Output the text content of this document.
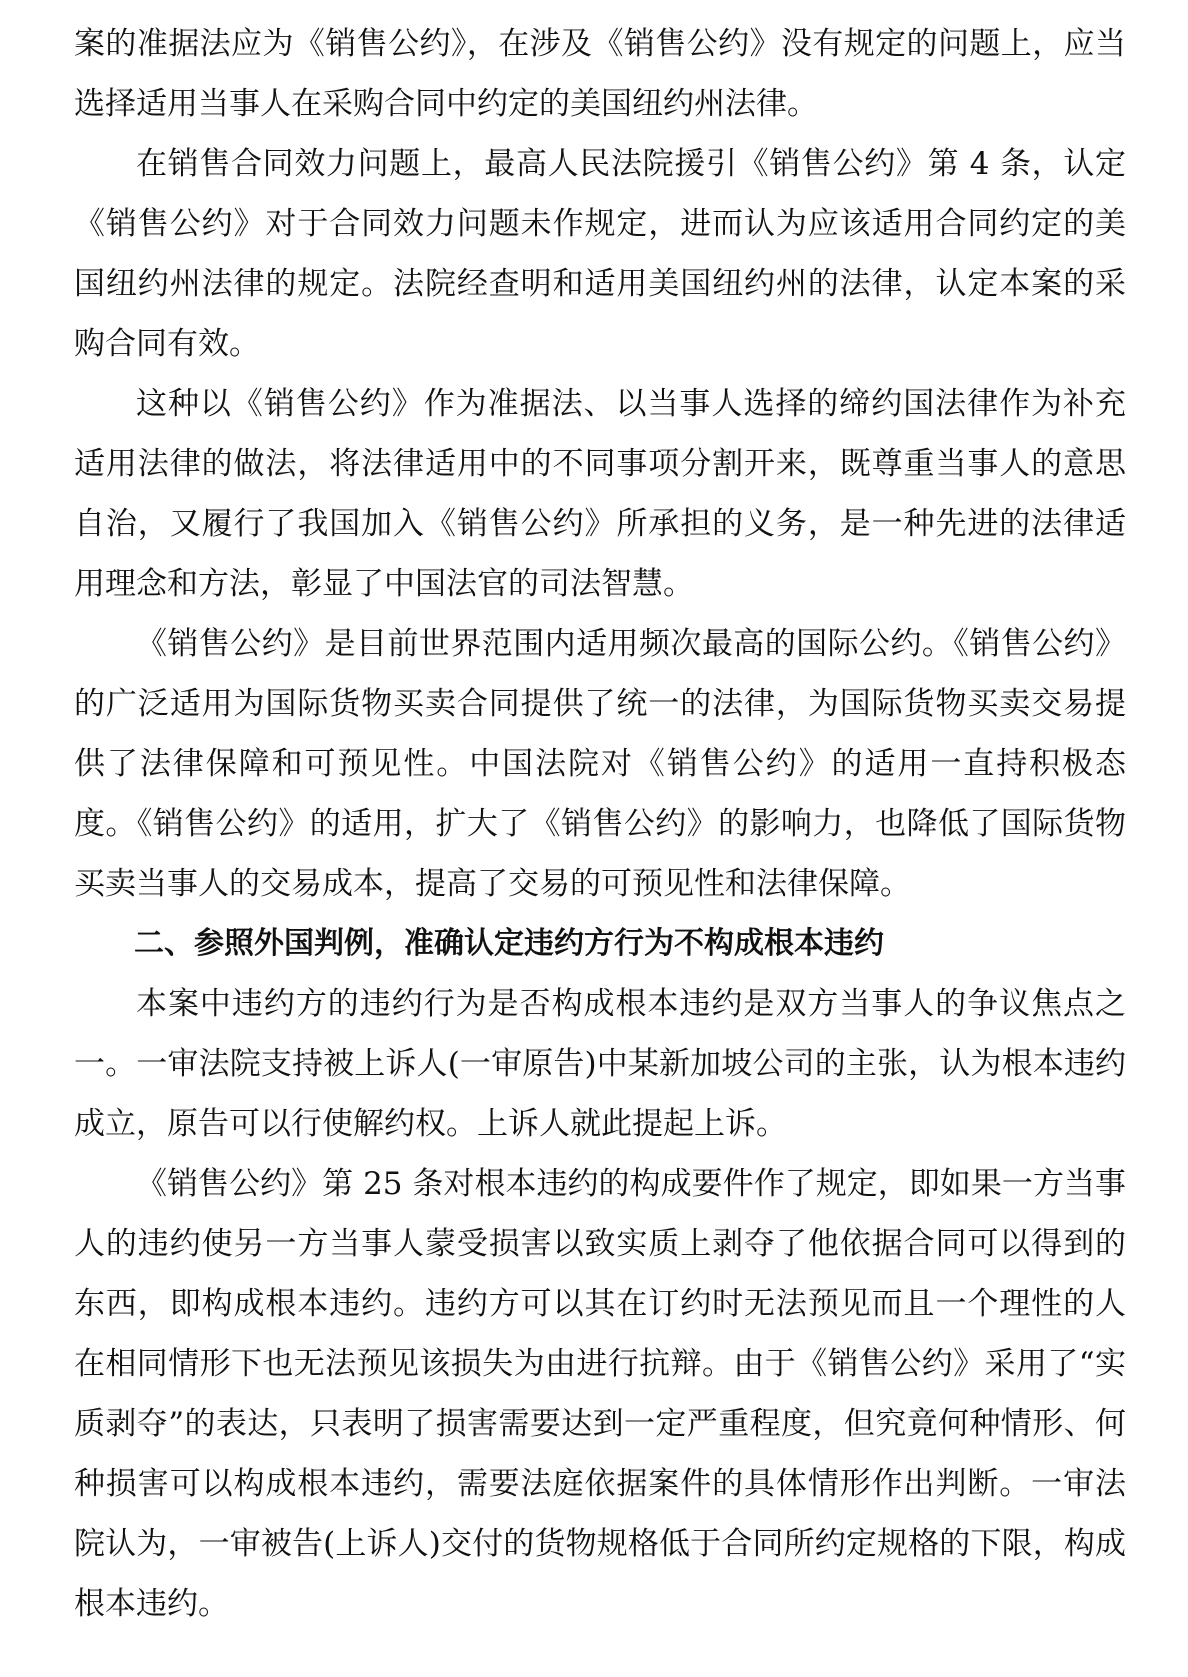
案的准据法应为《销售公约》，在涉及《销售公约》没有规定的问题上，应当选择适用当事人在采购合同中约定的美国纽约州法律。

在销售合同效力问题上，最高人民法院援引《销售公约》第 4 条，认定《销售公约》对于合同效力问题未作规定，进而认为应该适用合同约定的美国纽约州法律的规定。法院经查明和适用美国纽约州的法律，认定本案的采购合同有效。

这种以《销售公约》作为准据法、以当事人选择的缔约国法律作为补充适用法律的做法，将法律适用中的不同事项分割开来，既尊重当事人的意思自治，又履行了我国加入《销售公约》所承担的义务，是一种先进的法律适用理念和方法，彰显了中国法官的司法智慧。

《销售公约》是目前世界范围内适用频次最高的国际公约。《销售公约》的广泛适用为国际货物买卖合同提供了统一的法律，为国际货物买卖交易提供了法律保障和可预见性。中国法院对《销售公约》的适用一直持积极态度。《销售公约》的适用，扩大了《销售公约》的影响力，也降低了国际货物买卖当事人的交易成本，提高了交易的可预见性和法律保障。

二、参照外国判例，准确认定违约方行为不构成根本违约

本案中违约方的违约行为是否构成根本违约是双方当事人的争议焦点之一。一审法院支持被上诉人(一审原告)中某新加坡公司的主张，认为根本违约成立，原告可以行使解约权。上诉人就此提起上诉。

《销售公约》第 25 条对根本违约的构成要件作了规定，即如果一方当事人的违约使另一方当事人蒙受损害以致实质上剥夺了他依据合同可以得到的东西，即构成根本违约。违约方可以其在订约时无法预见而且一个理性的人在相同情形下也无法预见该损失为由进行抗辩。由于《销售公约》采用了“实质剥夺”的表达，只表明了损害需要达到一定严重程度，但究竟何种情形、何种损害可以构成根本违约，需要法庭依据案件的具体情形作出判断。一审法院认为，一审被告(上诉人)交付的货物规格低于合同所约定规格的下限，构成根本违约。
